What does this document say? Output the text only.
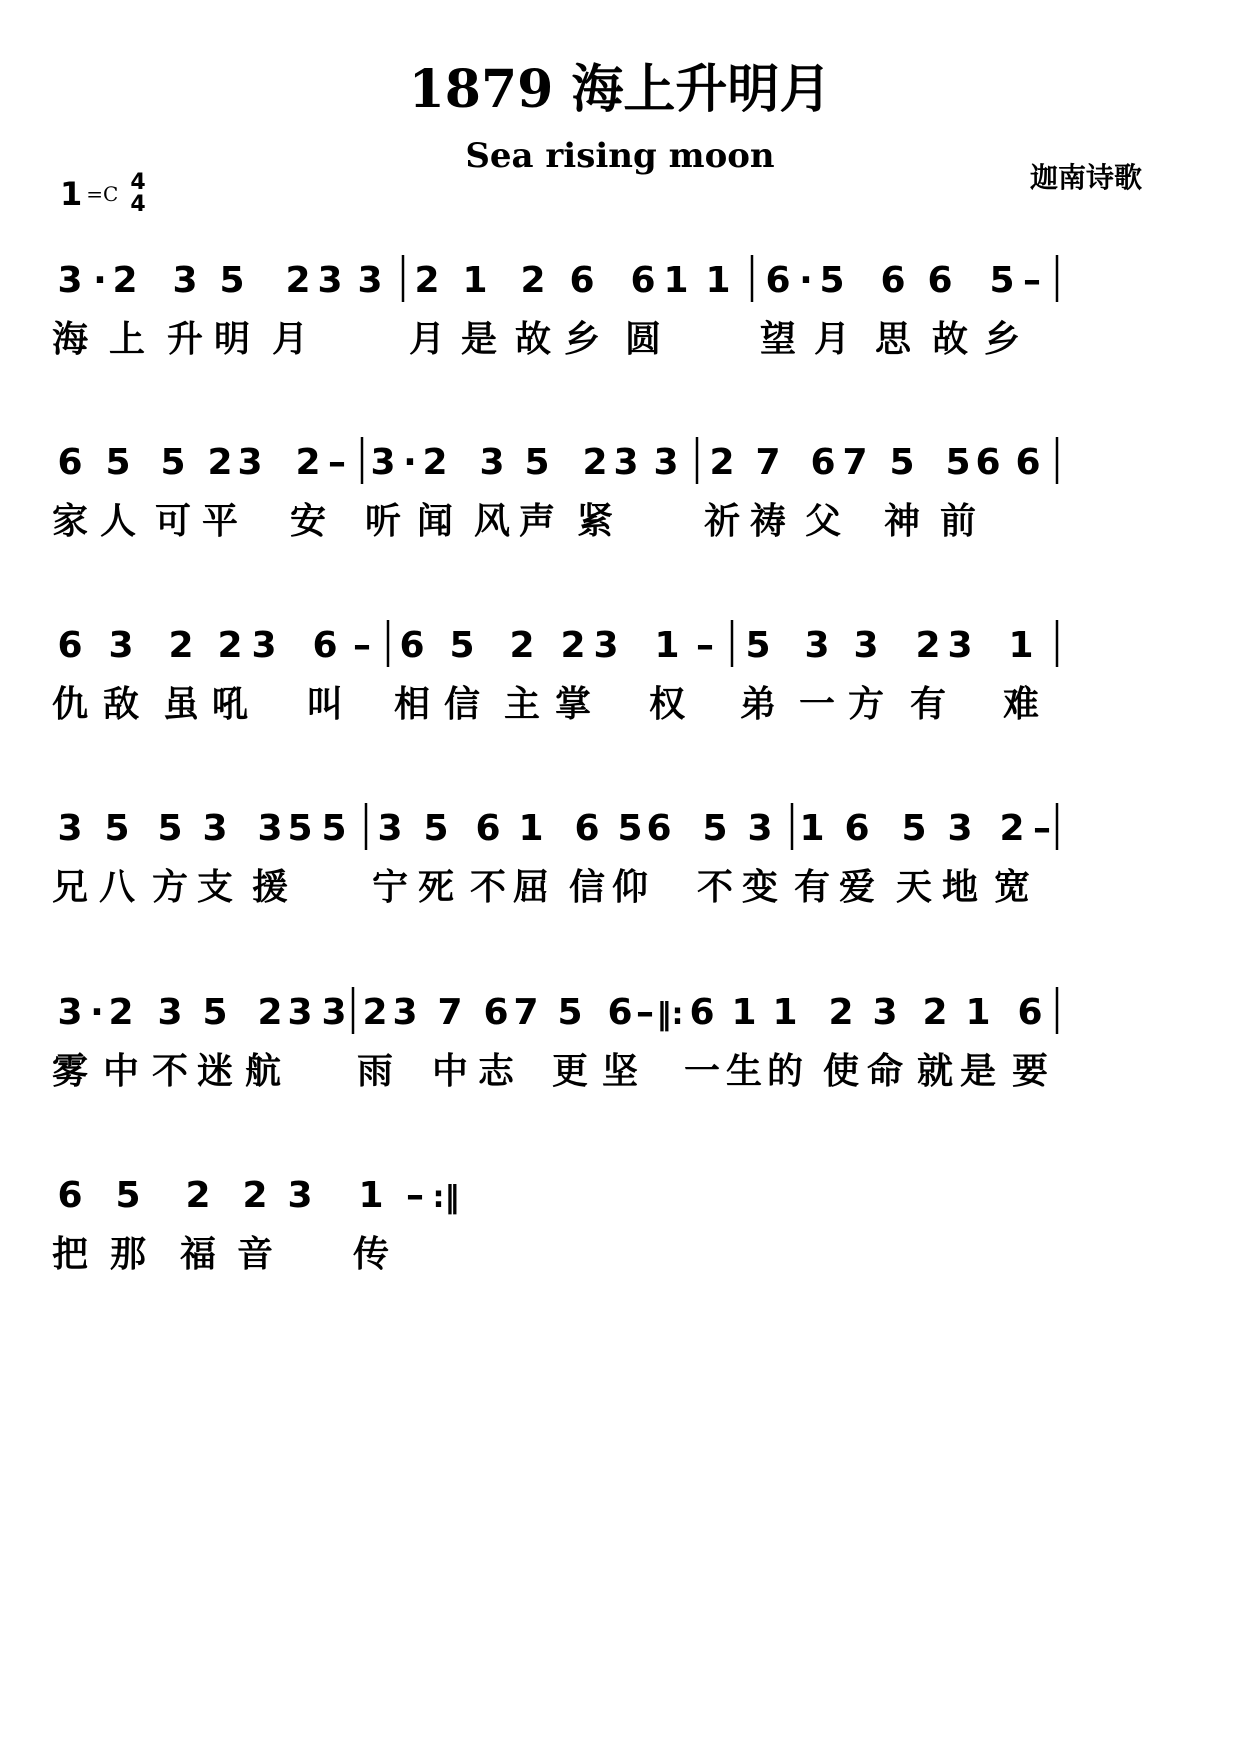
1879 海上升明月
Sea rising moon
迦南诗歌
1 =C 4
4
3 · 2 3 5 2 3 3 2 1 2 6 6 1 1 6 · 5 6 6 5 –
海 上 升 明 月	月 是 故 乡 圆	望 月 思 故 乡
6 5 5 2 3 2 – 3 · 2 3 5 2 3 3 2 7 6 7 5 5 6 6
家 人 可 平 安 听 闻 风 声 紧	祈 祷 父 神 前
6 3 2 2 3 6 – 6 5 2 2 3 1 – 5 3 3 2 3 1
仇 敌 虽 吼 叫 相 信 主 掌 权 弟 一 方 有 难
3 5 5 3 3 5 5 3 5 6 1 6 5 6 5 3 1 6 5 3 2 –
兄 八 方 支 援 宁 死 不 屈 信 仰 不 变 有 爱 天 地 宽
3 · 2 3 5 2 3 3 2 3 7 6 7 5 6 – ‖: 6 1 1 2 3 2 1 6
雾 中 不 迷 航 雨 中 志 更 坚 一 生 的 使 命 就 是 要
6 5 2 2 3 1 – :‖
把 那 福 音 传
